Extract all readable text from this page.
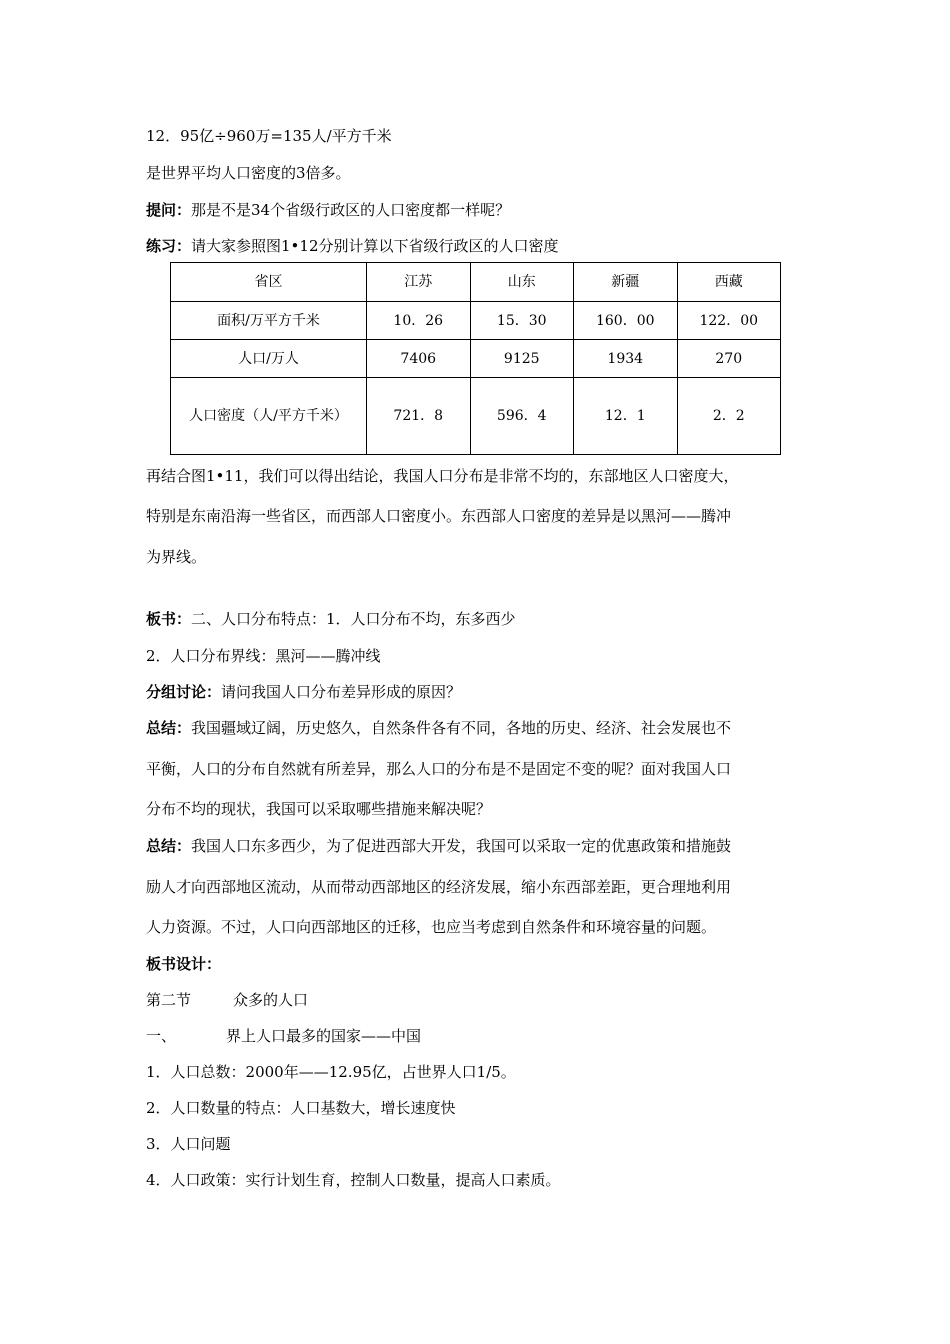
12．95亿÷960万=135人/平方千米
是世界平均人口密度的3倍多。
提问：那是不是34个省级行政区的人口密度都一样呢？
练习：请大家参照图1•12分别计算以下省级行政区的人口密度
省区	江苏	山东	新疆	西藏
面积/万平方千米	10．26	15．30	160．00	122．00
人口/万人	7406	9125	1934	270
人口密度（人/平方千米）	721．8	596．4	12．1	2．2
再结合图1•11，我们可以得出结论，我国人口分布是非常不均的，东部地区人口密度大，
特别是东南沿海一些省区，而西部人口密度小。东西部人口密度的差异是以黑河——腾冲
为界线。
板书：二、人口分布特点：1．人口分布不均，东多西少
2．人口分布界线：黑河——腾冲线
分组讨论：请问我国人口分布差异形成的原因？
总结：我国疆域辽阔，历史悠久，自然条件各有不同，各地的历史、经济、社会发展也不
平衡，人口的分布自然就有所差异，那么人口的分布是不是固定不变的呢？面对我国人口
分布不均的现状，我国可以采取哪些措施来解决呢？
总结：我国人口东多西少，为了促进西部大开发，我国可以采取一定的优惠政策和措施鼓
励人才向西部地区流动，从而带动西部地区的经济发展，缩小东西部差距，更合理地利用
人力资源。不过，人口向西部地区的迁移，也应当考虑到自然条件和环境容量的问题。
板书设计：
第二节	众多的人口
一、	界上人口最多的国家——中国
1．人口总数：2000年——12.95亿，占世界人口1/5。
2．人口数量的特点：人口基数大，增长速度快
3．人口问题
4．人口政策：实行计划生育，控制人口数量，提高人口素质。
